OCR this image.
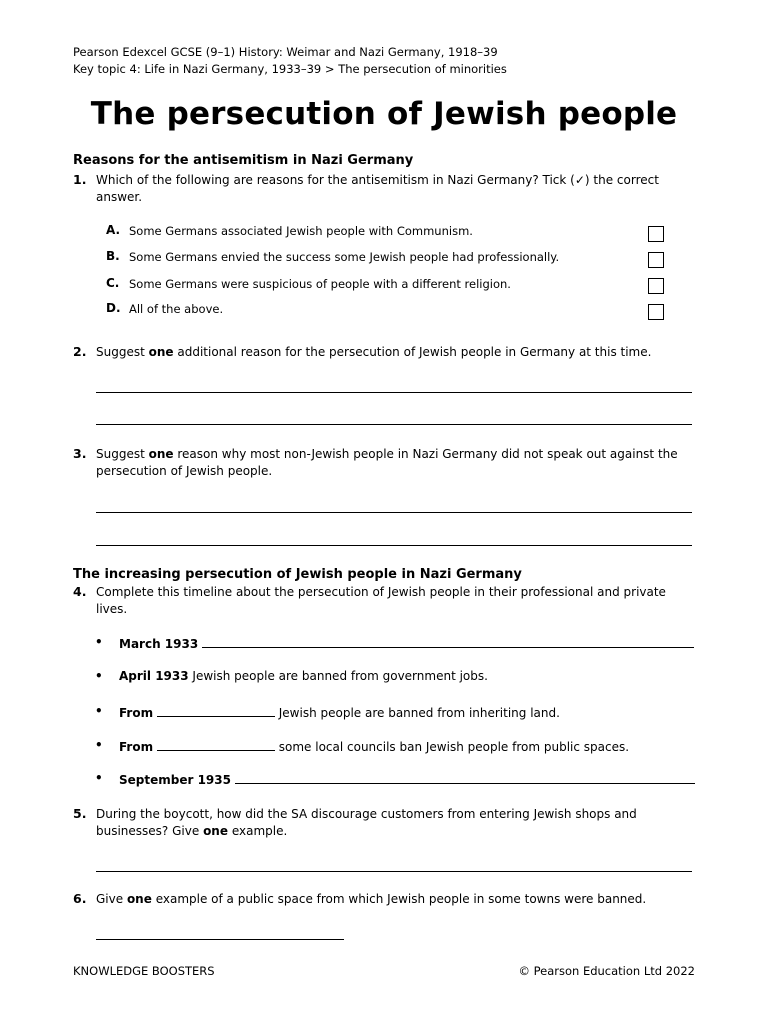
Pearson Edexcel GCSE (9–1) History: Weimar and Nazi Germany, 1918–39
Key topic 4: Life in Nazi Germany, 1933–39 > The persecution of minorities
The persecution of Jewish people
Reasons for the antisemitism in Nazi Germany
1. Which of the following are reasons for the antisemitism in Nazi Germany? Tick (✓) the correct answer.
A. Some Germans associated Jewish people with Communism.
B. Some Germans envied the success some Jewish people had professionally.
C. Some Germans were suspicious of people with a different religion.
D. All of the above.
2. Suggest one additional reason for the persecution of Jewish people in Germany at this time.
3. Suggest one reason why most non-Jewish people in Nazi Germany did not speak out against the persecution of Jewish people.
The increasing persecution of Jewish people in Nazi Germany
4. Complete this timeline about the persecution of Jewish people in their professional and private lives.
• March 1933
• April 1933 Jewish people are banned from government jobs.
• From	Jewish people are banned from inheriting land.
• From	some local councils ban Jewish people from public spaces.
• September 1935
5. During the boycott, how did the SA discourage customers from entering Jewish shops and businesses? Give one example.
6. Give one example of a public space from which Jewish people in some towns were banned.
KNOWLEDGE BOOSTERS	© Pearson Education Ltd 2022
